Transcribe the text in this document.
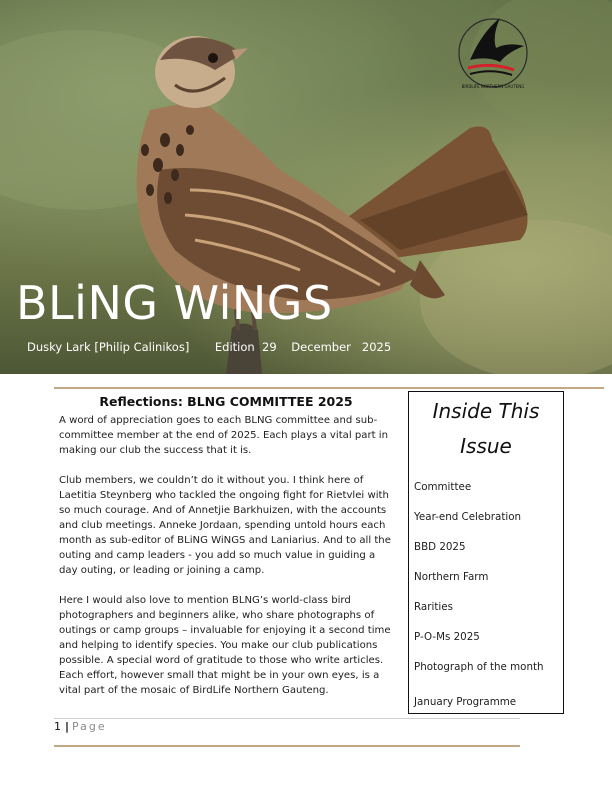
BIRDLIFE NORTHERN GAUTENG
BLiNG WiNGS
Dusky Lark [Philip Calinikos] Edition 29 December 2025
Reflections: BLNG COMMITTEE 2025

A word of appreciation goes to each BLNG committee and sub-committee member at the end of 2025. Each plays a vital part in making our club the success that it is.

Club members, we couldn’t do it without you. I think here of Laetitia Steynberg who tackled the ongoing fight for Rietvlei with so much courage. And of Annetjie Barkhuizen, with the accounts and club meetings. Anneke Jordaan, spending untold hours each month as sub-editor of BLiNG WiNGS and Laniarius. And to all the outing and camp leaders - you add so much value in guiding a day outing, or leading or joining a camp.

Here I would also love to mention BLNG’s world-class bird photographers and beginners alike, who share photographs of outings or camp groups – invaluable for enjoying it a second time and helping to identify species. You make our club publications possible. A special word of gratitude to those who write articles. Each effort, however small that might be in your own eyes, is a vital part of the mosaic of BirdLife Northern Gauteng.

Inside This
Issue
Committee
Year-end Celebration
BBD 2025
Northern Farm
Rarities
P-O-Ms 2025
Photograph of the month
January Programme
1 | Page
